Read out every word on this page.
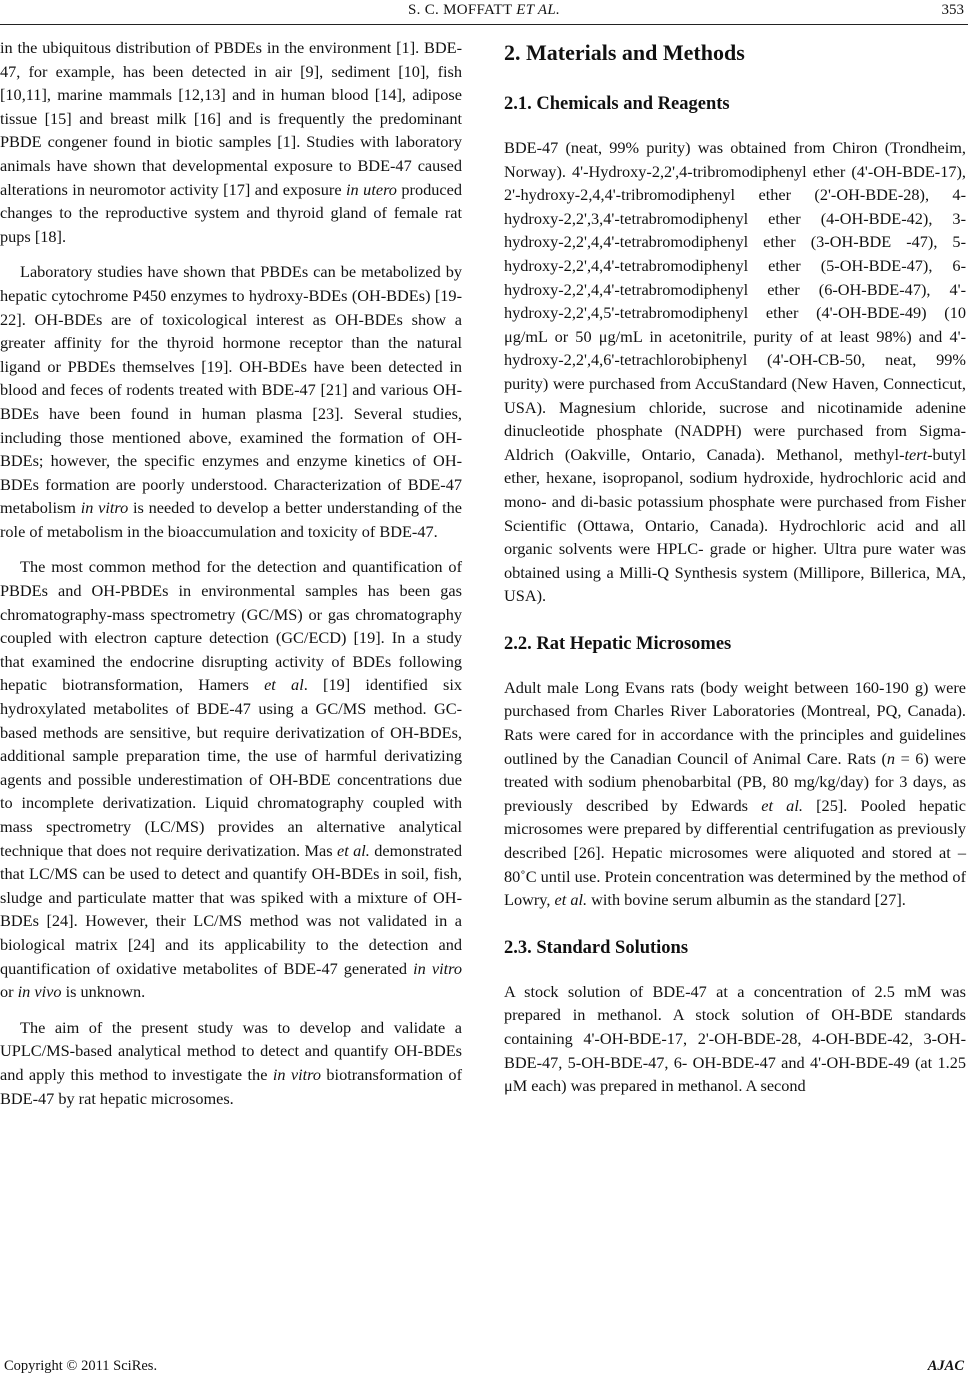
S. C. MOFFATT ET AL.	353

in the ubiquitous distribution of PBDEs in the environment [1]. BDE-47, for example, has been detected in air [9], sediment [10], fish [10,11], marine mammals [12,13] and in human blood [14], adipose tissue [15] and breast milk [16] and is frequently the predominant PBDE congener found in biotic samples [1]. Studies with laboratory animals have shown that developmental exposure to BDE-47 caused alterations in neuromotor activity [17] and exposure in utero produced changes to the reproductive system and thyroid gland of female rat pups [18].

Laboratory studies have shown that PBDEs can be metabolized by hepatic cytochrome P450 enzymes to hydroxy-BDEs (OH-BDEs) [19-22]. OH-BDEs are of toxicological interest as OH-BDEs show a greater affinity for the thyroid hormone receptor than the natural ligand or PBDEs themselves [19]. OH-BDEs have been detected in blood and feces of rodents treated with BDE-47 [21] and various OH-BDEs have been found in human plasma [23]. Several studies, including those mentioned above, examined the formation of OH-BDEs; however, the specific enzymes and enzyme kinetics of OH-BDEs formation are poorly understood. Characterization of BDE-47 metabolism in vitro is needed to develop a better understanding of the role of metabolism in the bioaccumulation and toxicity of BDE-47.

The most common method for the detection and quantification of PBDEs and OH-PBDEs in environmental samples has been gas chromatography-mass spectrometry (GC/MS) or gas chromatography coupled with electron capture detection (GC/ECD) [19]. In a study that examined the endocrine disrupting activity of BDEs following hepatic biotransformation, Hamers et al. [19] identified six hydroxylated metabolites of BDE-47 using a GC/MS method. GC-based methods are sensitive, but require derivatization of OH-BDEs, additional sample preparation time, the use of harmful derivatizing agents and possible underestimation of OH-BDE concentrations due to incomplete derivatization. Liquid chromatography coupled with mass spectrometry (LC/MS) provides an alternative analytical technique that does not require derivatization. Mas et al. demonstrated that LC/MS can be used to detect and quantify OH-BDEs in soil, fish, sludge and particulate matter that was spiked with a mixture of OH-BDEs [24]. However, their LC/MS method was not validated in a biological matrix [24] and its applicability to the detection and quantification of oxidative metabolites of BDE-47 generated in vitro or in vivo is unknown.

The aim of the present study was to develop and validate a UPLC/MS-based analytical method to detect and quantify OH-BDEs and apply this method to investigate the in vitro biotransformation of BDE-47 by rat hepatic microsomes.

2. Materials and Methods
2.1. Chemicals and Reagents

BDE-47 (neat, 99% purity) was obtained from Chiron (Trondheim, Norway). 4'-Hydroxy-2,2',4-tribromodiphenyl ether (4'-OH-BDE-17), 2'-hydroxy-2,4,4'-tribromodiphenyl ether (2'-OH-BDE-28), 4-hydroxy-2,2',3,4'-tetrabromodiphenyl ether (4-OH-BDE-42), 3-hydroxy-2,2',4,4'-tetrabromodiphenyl ether (3-OH-BDE -47), 5-hydroxy-2,2',4,4'-tetrabromodiphenyl ether (5-OH-BDE-47), 6-hydroxy-2,2',4,4'-tetrabromodiphenyl ether (6-OH-BDE-47), 4'-hydroxy-2,2',4,5'-tetrabromodiphenyl ether (4'-OH-BDE-49) (10 μg/mL or 50 μg/mL in acetonitrile, purity of at least 98%) and 4'-hydroxy-2,2',4,6'-tetrachlorobiphenyl (4'-OH-CB-50, neat, 99% purity) were purchased from AccuStandard (New Haven, Connecticut, USA). Magnesium chloride, sucrose and nicotinamide adenine dinucleotide phosphate (NADPH) were purchased from Sigma-Aldrich (Oakville, Ontario, Canada). Methanol, methyl-tert-butyl ether, hexane, isopropanol, sodium hydroxide, hydrochloric acid and mono- and di-basic potassium phosphate were purchased from Fisher Scientific (Ottawa, Ontario, Canada). Hydrochloric acid and all organic solvents were HPLC- grade or higher. Ultra pure water was obtained using a Milli-Q Synthesis system (Millipore, Billerica, MA, USA).

2.2. Rat Hepatic Microsomes

Adult male Long Evans rats (body weight between 160-190 g) were purchased from Charles River Laboratories (Montreal, PQ, Canada). Rats were cared for in accordance with the principles and guidelines outlined by the Canadian Council of Animal Care. Rats (n = 6) were treated with sodium phenobarbital (PB, 80 mg/kg/day) for 3 days, as previously described by Edwards et al. [25]. Pooled hepatic microsomes were prepared by differential centrifugation as previously described [26]. Hepatic microsomes were aliquoted and stored at –80˚C until use. Protein concentration was determined by the method of Lowry, et al. with bovine serum albumin as the standard [27].

2.3. Standard Solutions

A stock solution of BDE-47 at a concentration of 2.5 mM was prepared in methanol. A stock solution of OH-BDE standards containing 4'-OH-BDE-17, 2'-OH-BDE-28, 4-OH-BDE-42, 3-OH-BDE-47, 5-OH-BDE-47, 6- OH-BDE-47 and 4'-OH-BDE-49 (at 1.25 μM each) was prepared in methanol. A second

Copyright © 2011 SciRes.	AJAC
